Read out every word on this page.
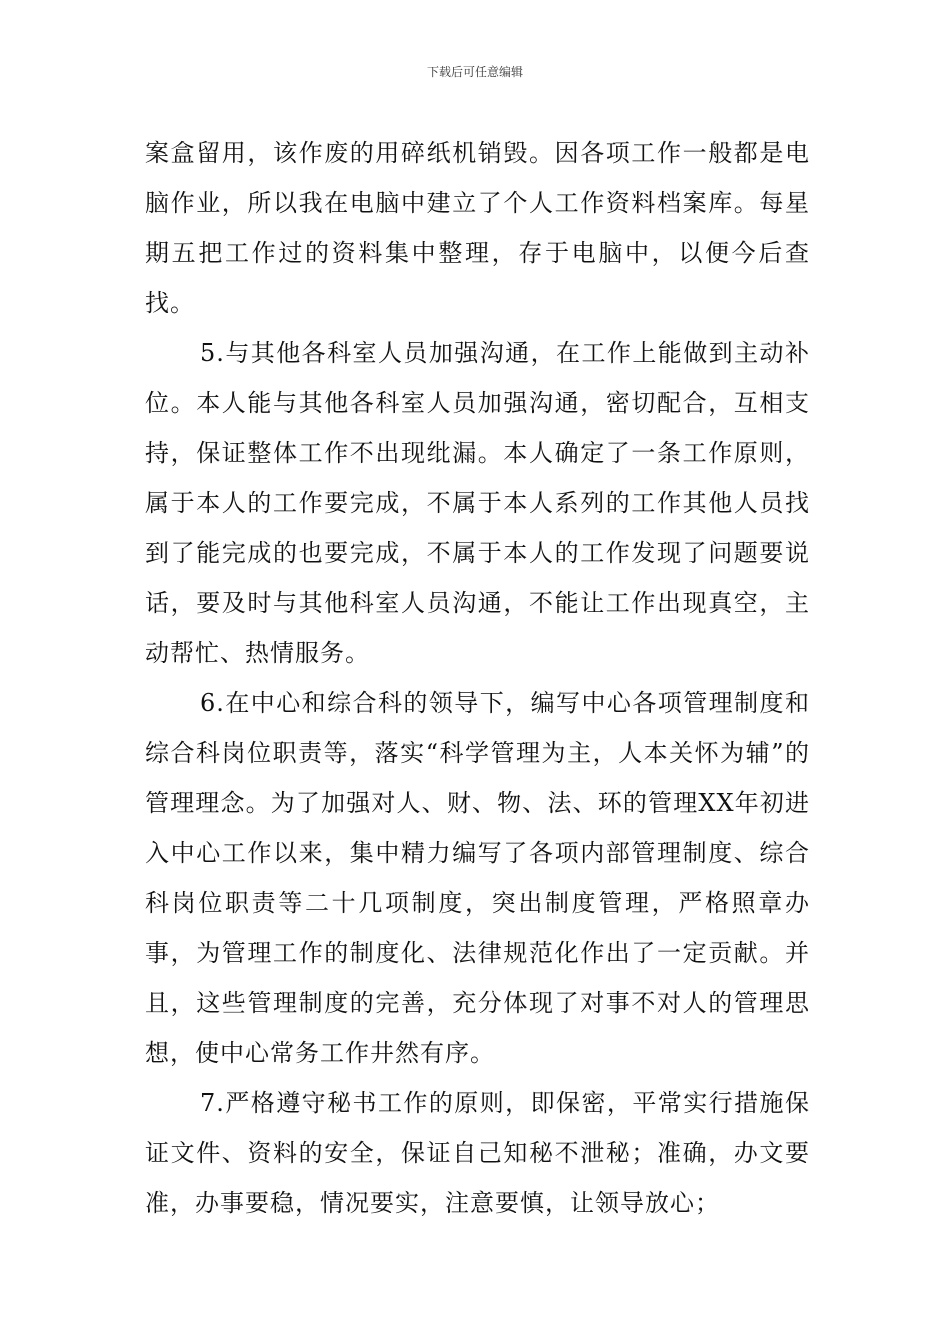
下载后可任意编辑

案盒留用，该作废的用碎纸机销毁。因各项工作一般都是电脑作业，所以我在电脑中建立了个人工作资料档案库。每星期五把工作过的资料集中整理，存于电脑中，以便今后查找。

5.与其他各科室人员加强沟通，在工作上能做到主动补位。本人能与其他各科室人员加强沟通，密切配合，互相支持，保证整体工作不出现纰漏。本人确定了一条工作原则，属于本人的工作要完成，不属于本人系列的工作其他人员找到了能完成的也要完成，不属于本人的工作发现了问题要说话，要及时与其他科室人员沟通，不能让工作出现真空，主动帮忙、热情服务。

6.在中心和综合科的领导下，编写中心各项管理制度和综合科岗位职责等，落实“科学管理为主，人本关怀为辅”的管理理念。为了加强对人、财、物、法、环的管理XX年初进入中心工作以来，集中精力编写了各项内部管理制度、综合科岗位职责等二十几项制度，突出制度管理，严格照章办事，为管理工作的制度化、法律规范化作出了一定贡献。并且，这些管理制度的完善，充分体现了对事不对人的管理思想，使中心常务工作井然有序。

7.严格遵守秘书工作的原则，即保密，平常实行措施保证文件、资料的安全，保证自己知秘不泄秘；准确，办文要准，办事要稳，情况要实，注意要慎，让领导放心；
